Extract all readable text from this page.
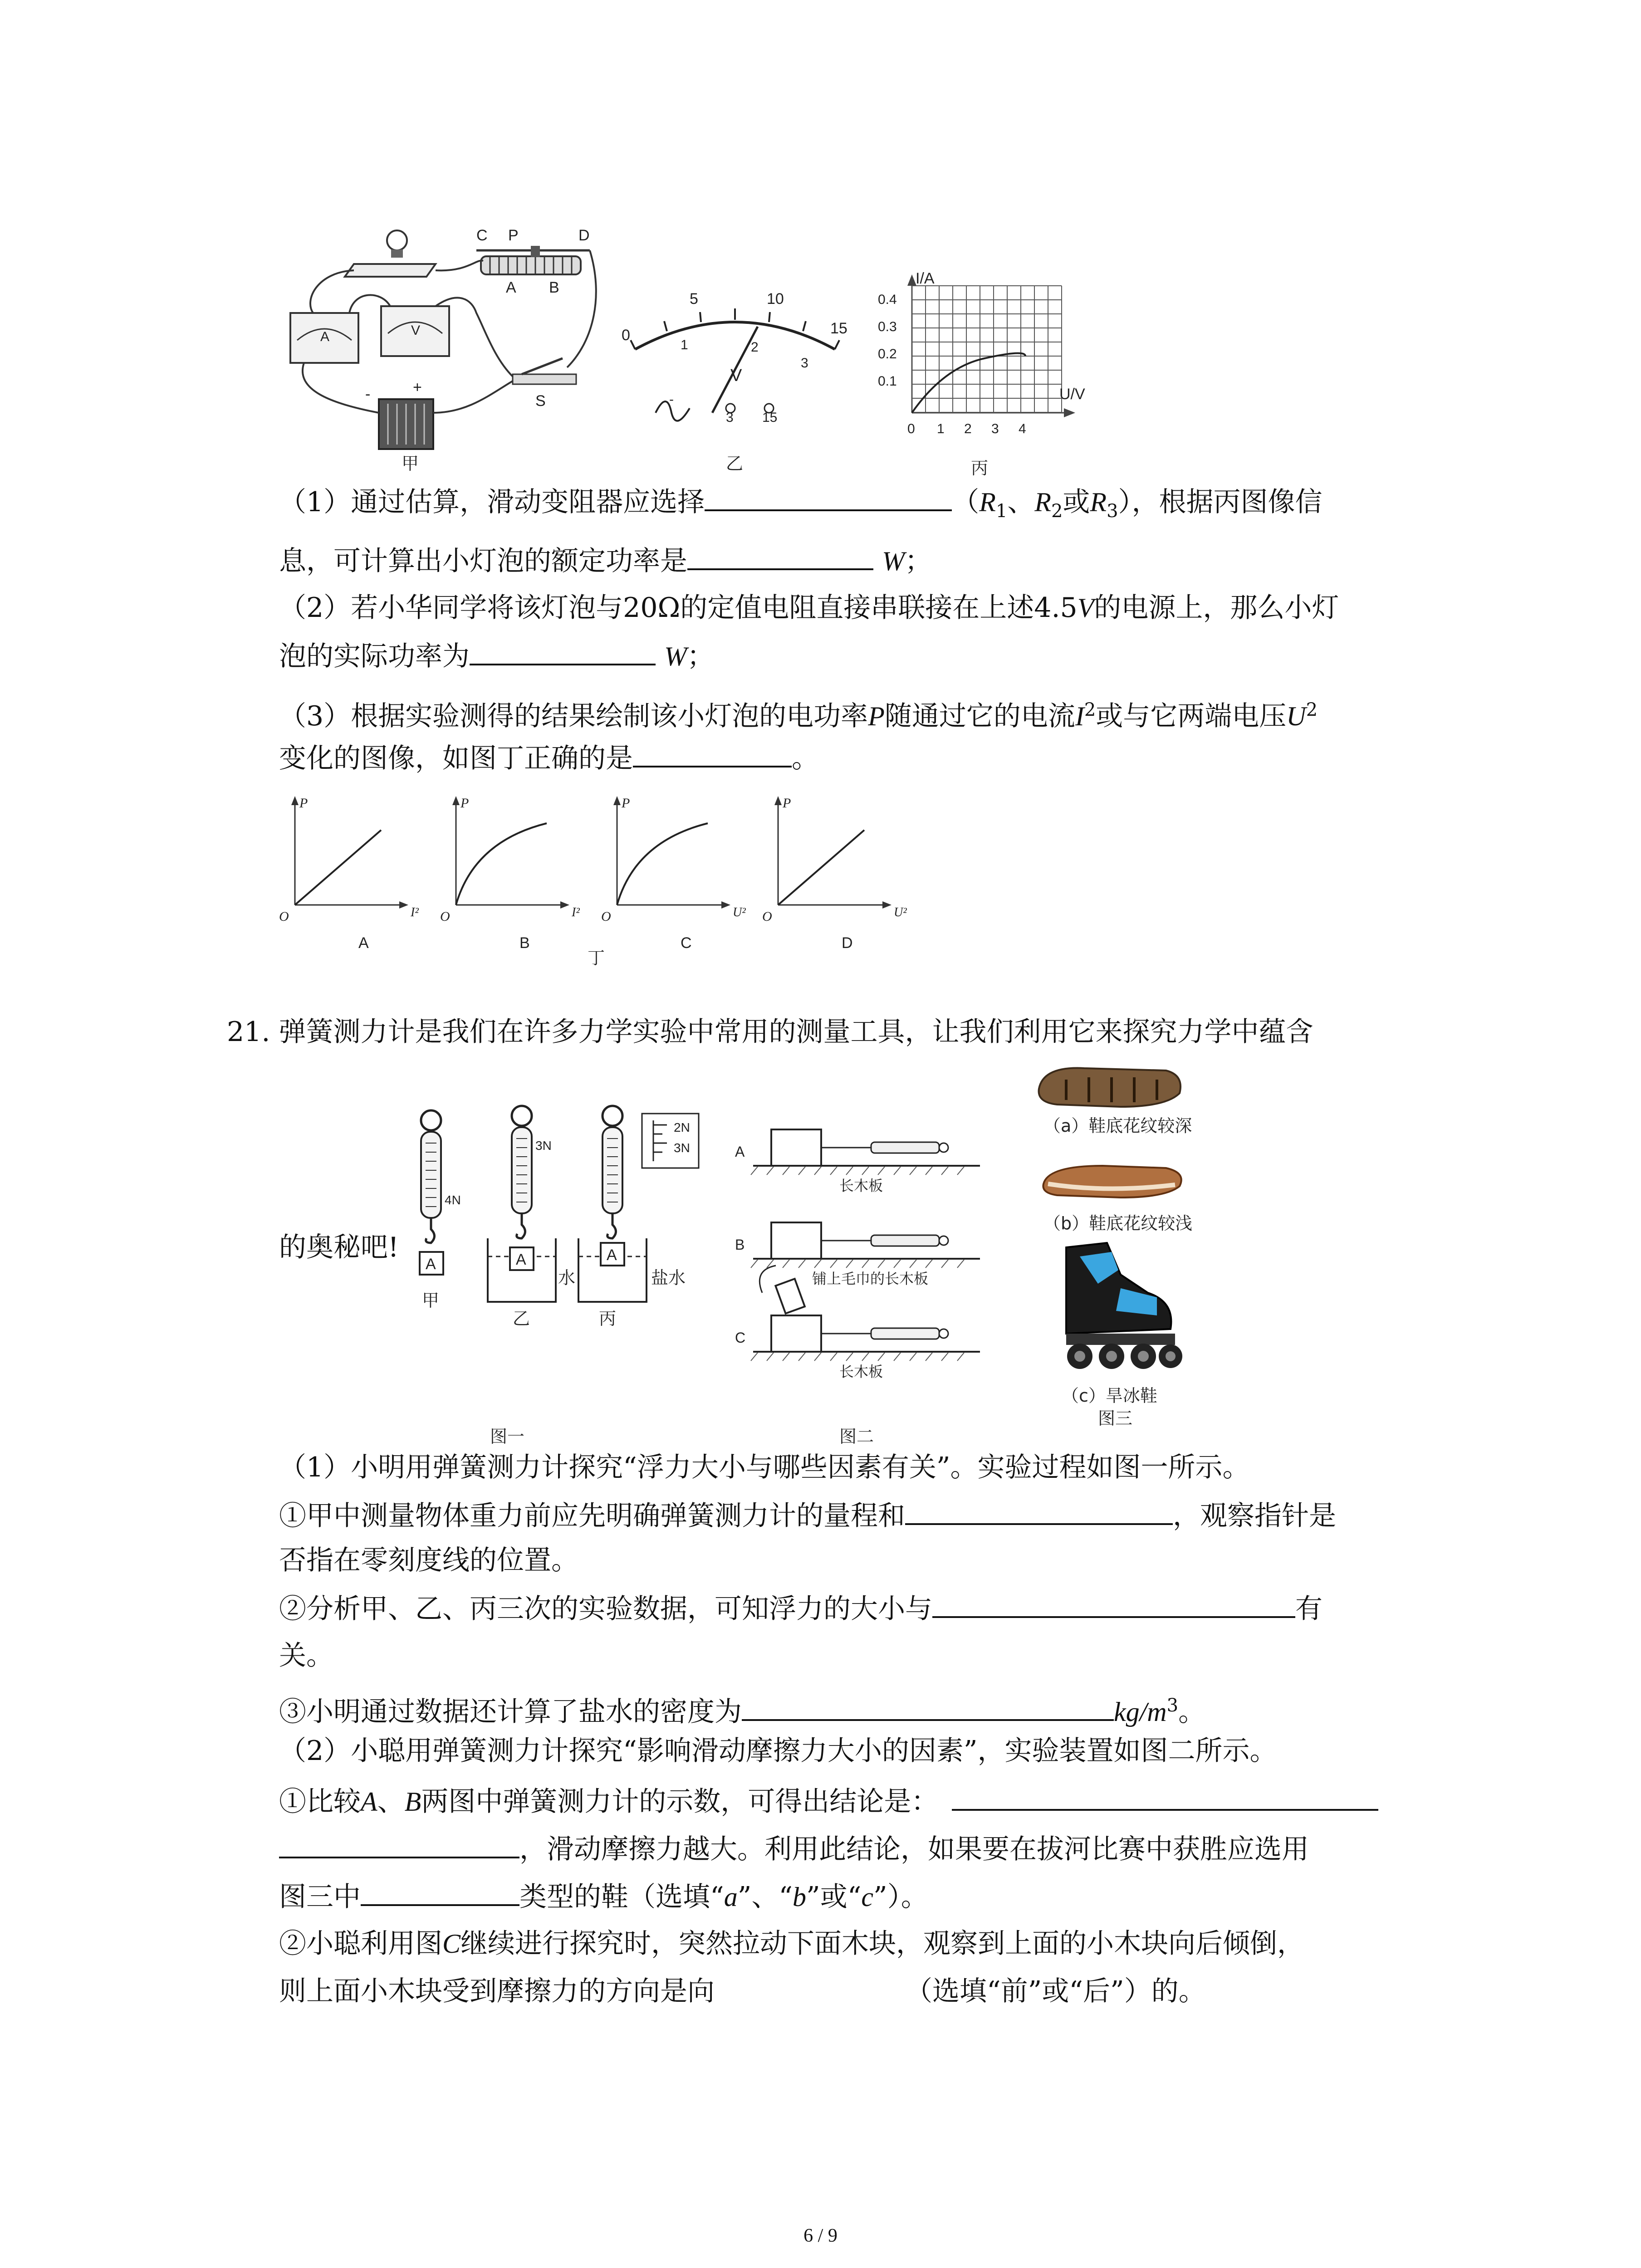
C P	D
A B
A	V
S
-	+
甲
0
5	10
15
1	2
3
V
-
3 15
乙
I/A
U/V
0.4
0.3
0.2
0.1
0 1 2 3 4
丙
（1）通过估算，滑动变阻器应选择	（$R_1$、$R_2$或$R_3$），根据丙图像信
息，可计算出小灯泡的额定功率是	W；
（2）若小华同学将该灯泡与20Ω的定值电阻直接串联接在上述4.5V的电源上，那么小灯
泡的实际功率为	W；
（3）根据实验测得的结果绘制该小灯泡的电功率P随通过它的电流$I^2$或与它两端电压$U^2$
变化的图像，如图丁正确的是	。
丁
P
O	I²
A
P
O	I²
B
P
O	U²
C
P
O	U²
D
21. 弹簧测力计是我们在许多力学实验中常用的测量工具，让我们利用它来探究力学中蕴含
的奥秘吧!
4N
A
甲
3N
A
水
乙
2N
3N
A
盐水
丙
图一	图二
A
长木板
B
铺上毛巾的长木板
C
长木板
（a）鞋底花纹较深
（b）鞋底花纹较浅
（c）旱冰鞋
图三
（1）小明用弹簧测力计探究“浮力大小与哪些因素有关”。实验过程如图一所示。
①甲中测量物体重力前应先明确弹簧测力计的量程和	，观察指针是
否指在零刻度线的位置。
②分析甲、乙、丙三次的实验数据，可知浮力的大小与	有
关。
③小明通过数据还计算了盐水的密度为	$kg/m^3$。
（2）小聪用弹簧测力计探究“影响滑动摩擦力大小的因素”，实验装置如图二所示。
①比较A、B两图中弹簧测力计的示数，可得出结论是：
，滑动摩擦力越大。利用此结论，如果要在拔河比赛中获胜应选用
图三中	类型的鞋（选填“a”、“b”或“c”）。
②小聪利用图C继续进行探究时，突然拉动下面木块，观察到上面的小木块向后倾倒，
则上面小木块受到摩擦力的方向是向	（选填“前”或“后”）的。
6 / 9
